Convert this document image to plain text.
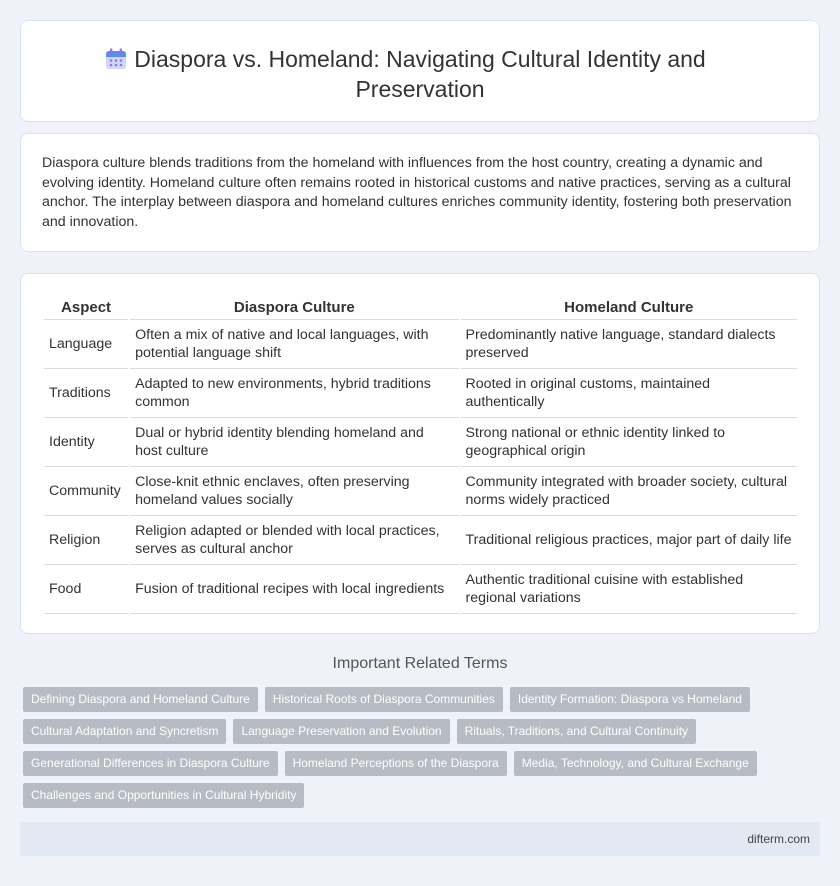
Diaspora vs. Homeland: Navigating Cultural Identity and Preservation

Diaspora culture blends traditions from the homeland with influences from the host country, creating a dynamic and evolving identity. Homeland culture often remains rooted in historical customs and native practices, serving as a cultural anchor. The interplay between diaspora and homeland cultures enriches community identity, fostering both preservation and innovation.

Aspect	Diaspora Culture	Homeland Culture
Language	Often a mix of native and local languages, with potential language shift	Predominantly native language, standard dialects preserved
Traditions	Adapted to new environments, hybrid traditions common	Rooted in original customs, maintained authentically
Identity	Dual or hybrid identity blending homeland and host culture	Strong national or ethnic identity linked to geographical origin
Community	Close-knit ethnic enclaves, often preserving homeland values socially	Community integrated with broader society, cultural norms widely practiced
Religion	Religion adapted or blended with local practices, serves as cultural anchor	Traditional religious practices, major part of daily life
Food	Fusion of traditional recipes with local ingredients	Authentic traditional cuisine with established regional variations
Important Related Terms
Defining Diaspora and Homeland Culture	Historical Roots of Diaspora Communities	Identity Formation: Diaspora vs Homeland
Cultural Adaptation and Syncretism	Language Preservation and Evolution	Rituals, Traditions, and Cultural Continuity
Generational Differences in Diaspora Culture	Homeland Perceptions of the Diaspora	Media, Technology, and Cultural Exchange
Challenges and Opportunities in Cultural Hybridity
difterm.com
